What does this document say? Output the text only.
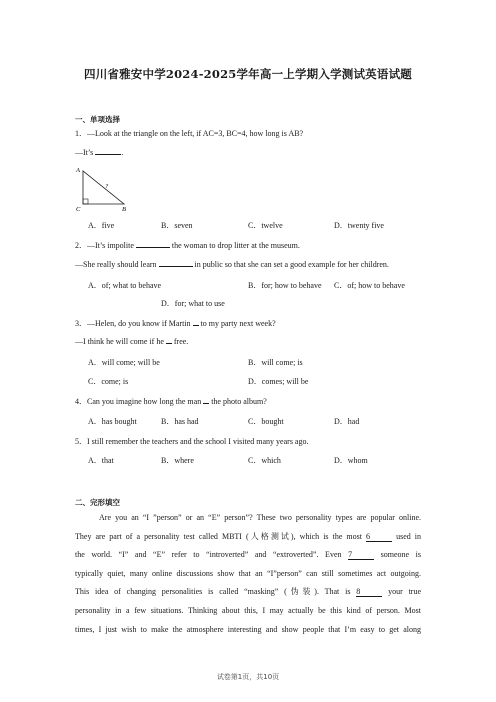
四川省雅安中学2024-2025学年高一上学期入学测试英语试题
一、单项选择
1．—Look at the triangle on the left, if AC=3, BC=4, how long is AB?
—It’s	.
A
C	B
?
A．five	B．seven	C．twelve	D．twenty five
2．—It’s impolite	the woman to drop litter at the museum.
—She really should learn	in public so that she can set a good example for her children.
A．of; what to behave	B．for; how to behave C．of; how to behave
D．for; what to use
3．—Helen, do you know if Martin to my party next week?
—I think he will come if he free.
A．will come; will be	B．will come; is
C．come; is	D．comes; will be
4．Can you imagine how long the man the photo album?
A．has bought	B．has had	C．bought	D．had
5．I still remember the teachers and the school I visited many years ago.
A．that	B．where	C．which	D．whom
二、完形填空
Are you an “I ”person” or an “E” person”? These two personality types are popular online.
They are part of a personality test called MBTI (人格测试), which is the most 6	used in
the world. “I” and “E” refer to “introverted” and “extroverted”. Even 7	someone is
typically quiet, many online discussions show that an “I”person” can still sometimes act outgoing.
This idea of changing personalities is called “masking” (伪装). That is 8	your true
personality in a few situations. Thinking about this, I may actually be this kind of person. Most
times, I just wish to make the atmosphere interesting and show people that I’m easy to get along
试卷第1页，共10页
